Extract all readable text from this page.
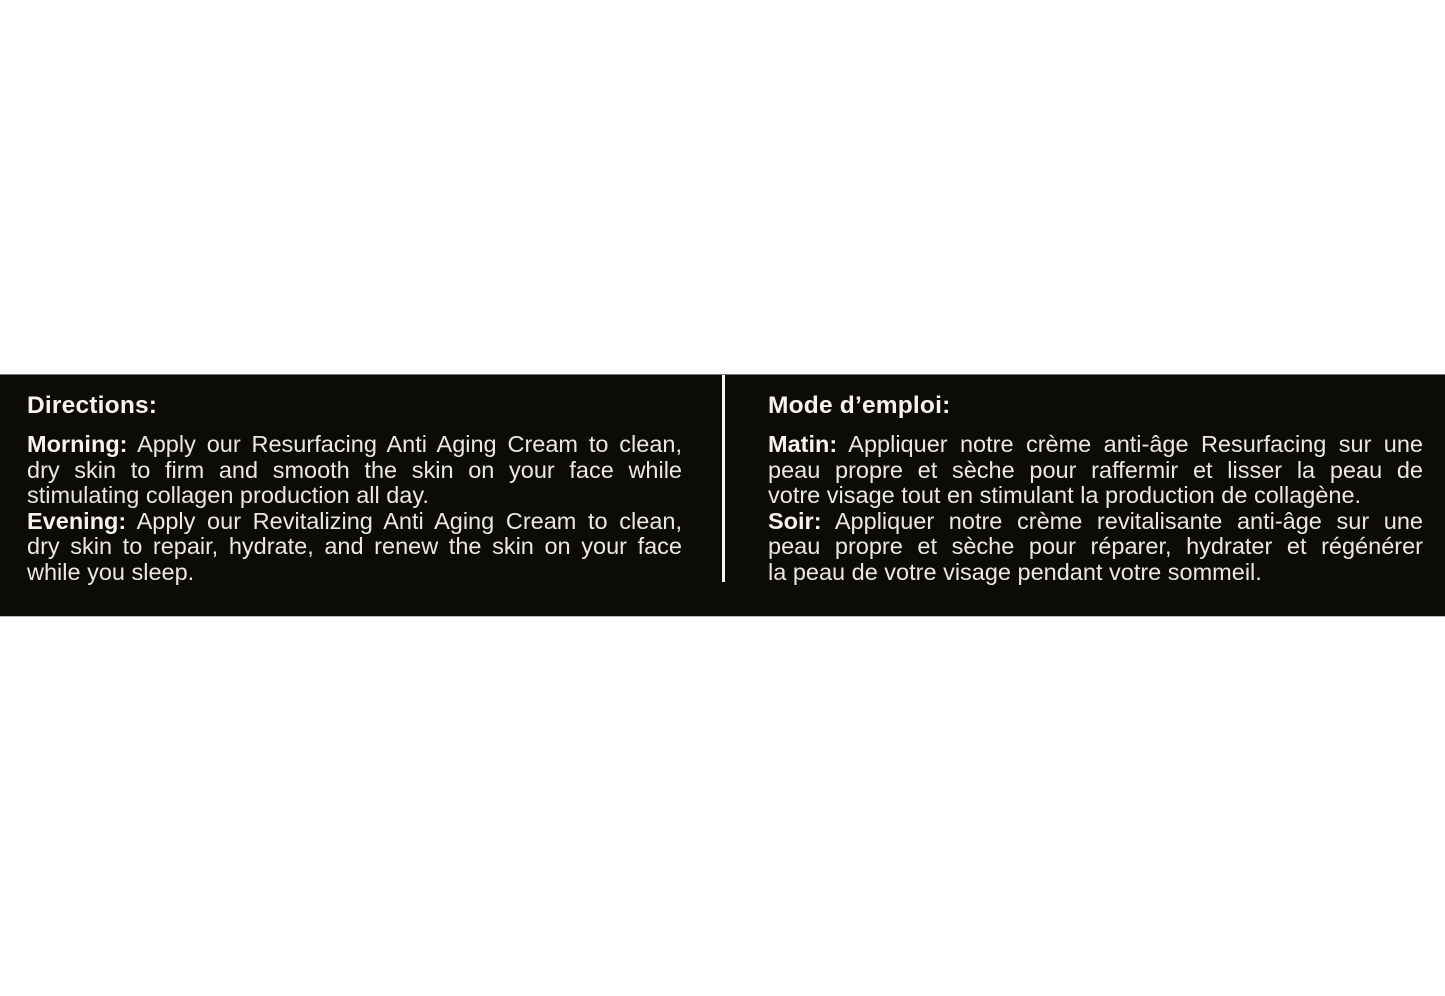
Directions:
Morning: Apply our Resurfacing Anti Aging Cream to clean,
dry skin to firm and smooth the skin on your face while
stimulating collagen production all day.
Evening: Apply our Revitalizing Anti Aging Cream to clean,
dry skin to repair, hydrate, and renew the skin on your face
while you sleep.
Mode d’emploi:
Matin: Appliquer notre crème anti-âge Resurfacing sur une
peau propre et sèche pour raffermir et lisser la peau de
votre visage tout en stimulant la production de collagène.
Soir: Appliquer notre crème revitalisante anti-âge sur une
peau propre et sèche pour réparer, hydrater et régénérer
la peau de votre visage pendant votre sommeil.
